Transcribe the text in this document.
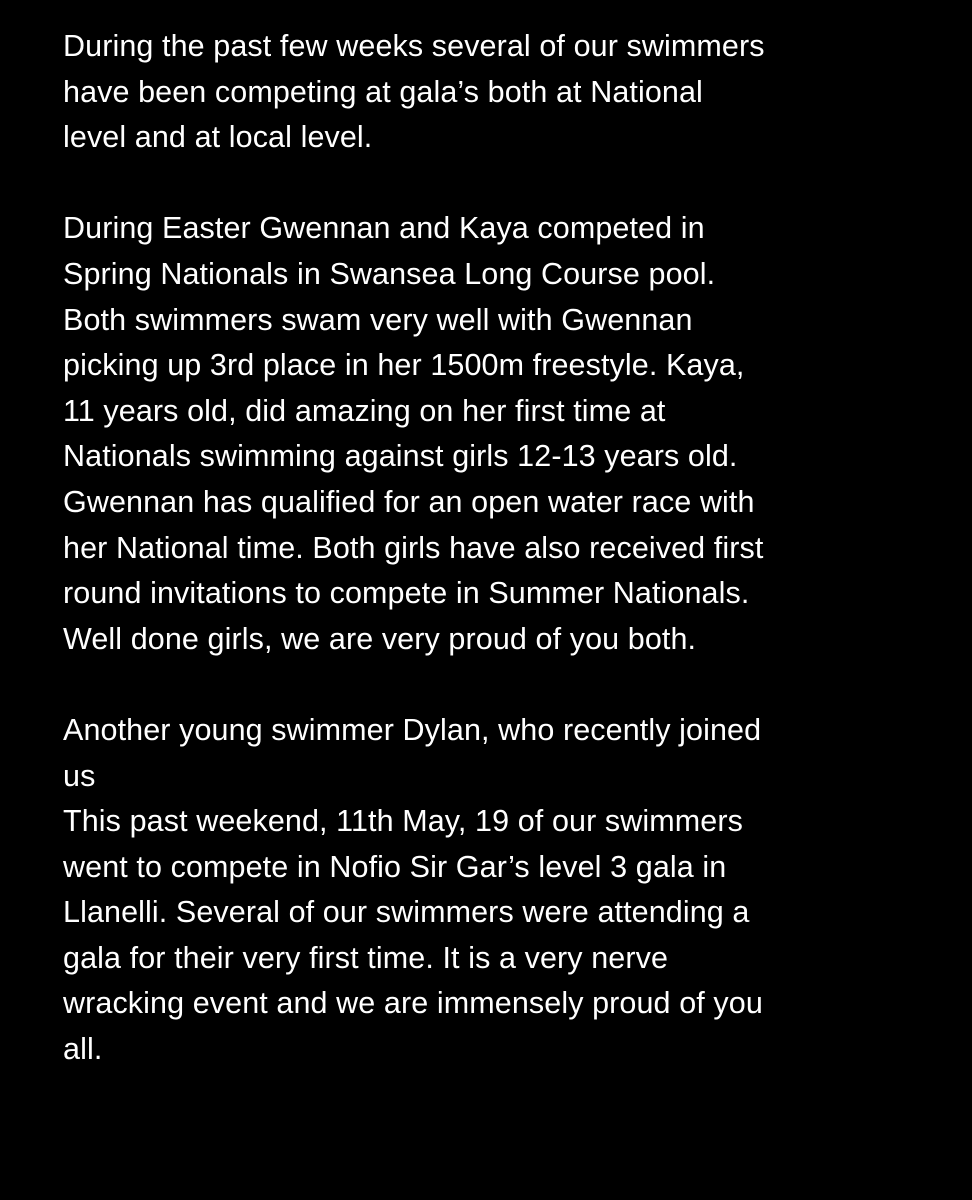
During the past few weeks several of our swimmers
have been competing at gala’s both at National
level and at local level.
During Easter Gwennan and Kaya competed in
Spring Nationals in Swansea Long Course pool.
Both swimmers swam very well with Gwennan
picking up 3rd place in her 1500m freestyle. Kaya,
11 years old, did amazing on her first time at
Nationals swimming against girls 12-13 years old.
Gwennan has qualified for an open water race with
her National time. Both girls have also received first
round invitations to compete in Summer Nationals.
Well done girls, we are very proud of you both.
Another young swimmer Dylan, who recently joined
us
This past weekend, 11th May, 19 of our swimmers
went to compete in Nofio Sir Gar’s level 3 gala in
Llanelli. Several of our swimmers were attending a
gala for their very first time. It is a very nerve
wracking event and we are immensely proud of you
all.
